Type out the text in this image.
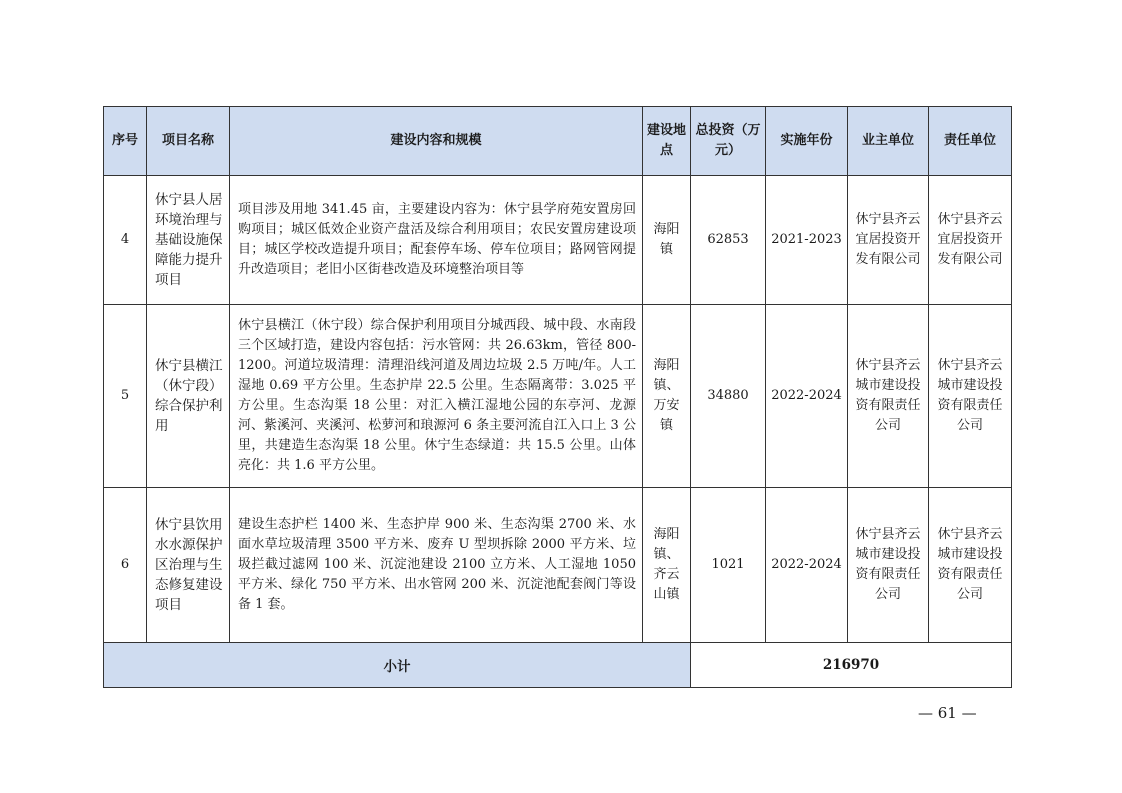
序号	项目名称	建设内容和规模	建设地点	总投资（万元）	实施年份	业主单位	责任单位
4	休宁县人居环境治理与基础设施保障能力提升项目	项目涉及用地 341.45 亩，主要建设内容为：休宁县学府苑安置房回购项目；城区低效企业资产盘活及综合利用项目；农民安置房建设项目；城区学校改造提升项目；配套停车场、停车位项目；路网管网提升改造项目；老旧小区街巷改造及环境整治项目等	海阳镇	62853	2021-2023	休宁县齐云宜居投资开发有限公司	休宁县齐云宜居投资开发有限公司
5	休宁县横江（休宁段）综合保护利用	休宁县横江（休宁段）综合保护利用项目分城西段、城中段、水南段三个区域打造，建设内容包括：污水管网：共 26.63km，管径 800-1200。河道垃圾清理：清理沿线河道及周边垃圾 2.5 万吨/年。人工湿地 0.69 平方公里。生态护岸 22.5 公里。生态隔离带：3.025 平方公里。生态沟渠 18 公里：对汇入横江湿地公园的东亭河、龙源河、紫溪河、夹溪河、松萝河和琅源河 6 条主要河流自江入口上 3 公里，共建造生态沟渠 18 公里。休宁生态绿道：共 15.5 公里。山体亮化：共 1.6 平方公里。	海阳镇、万安镇	34880	2022-2024	休宁县齐云城市建设投资有限责任公司	休宁县齐云城市建设投资有限责任公司
6	休宁县饮用水水源保护区治理与生态修复建设项目	建设生态护栏 1400 米、生态护岸 900 米、生态沟渠 2700 米、水面水草垃圾清理 3500 平方米、废弃 U 型坝拆除 2000 平方米、垃圾拦截过滤网 100 米、沉淀池建设 2100 立方米、人工湿地 1050 平方米、绿化 750 平方米、出水管网 200 米、沉淀池配套阀门等设备 1 套。	海阳镇、齐云山镇	1021	2022-2024	休宁县齐云城市建设投资有限责任公司	休宁县齐云城市建设投资有限责任公司
小计				216970			
— 61 —
